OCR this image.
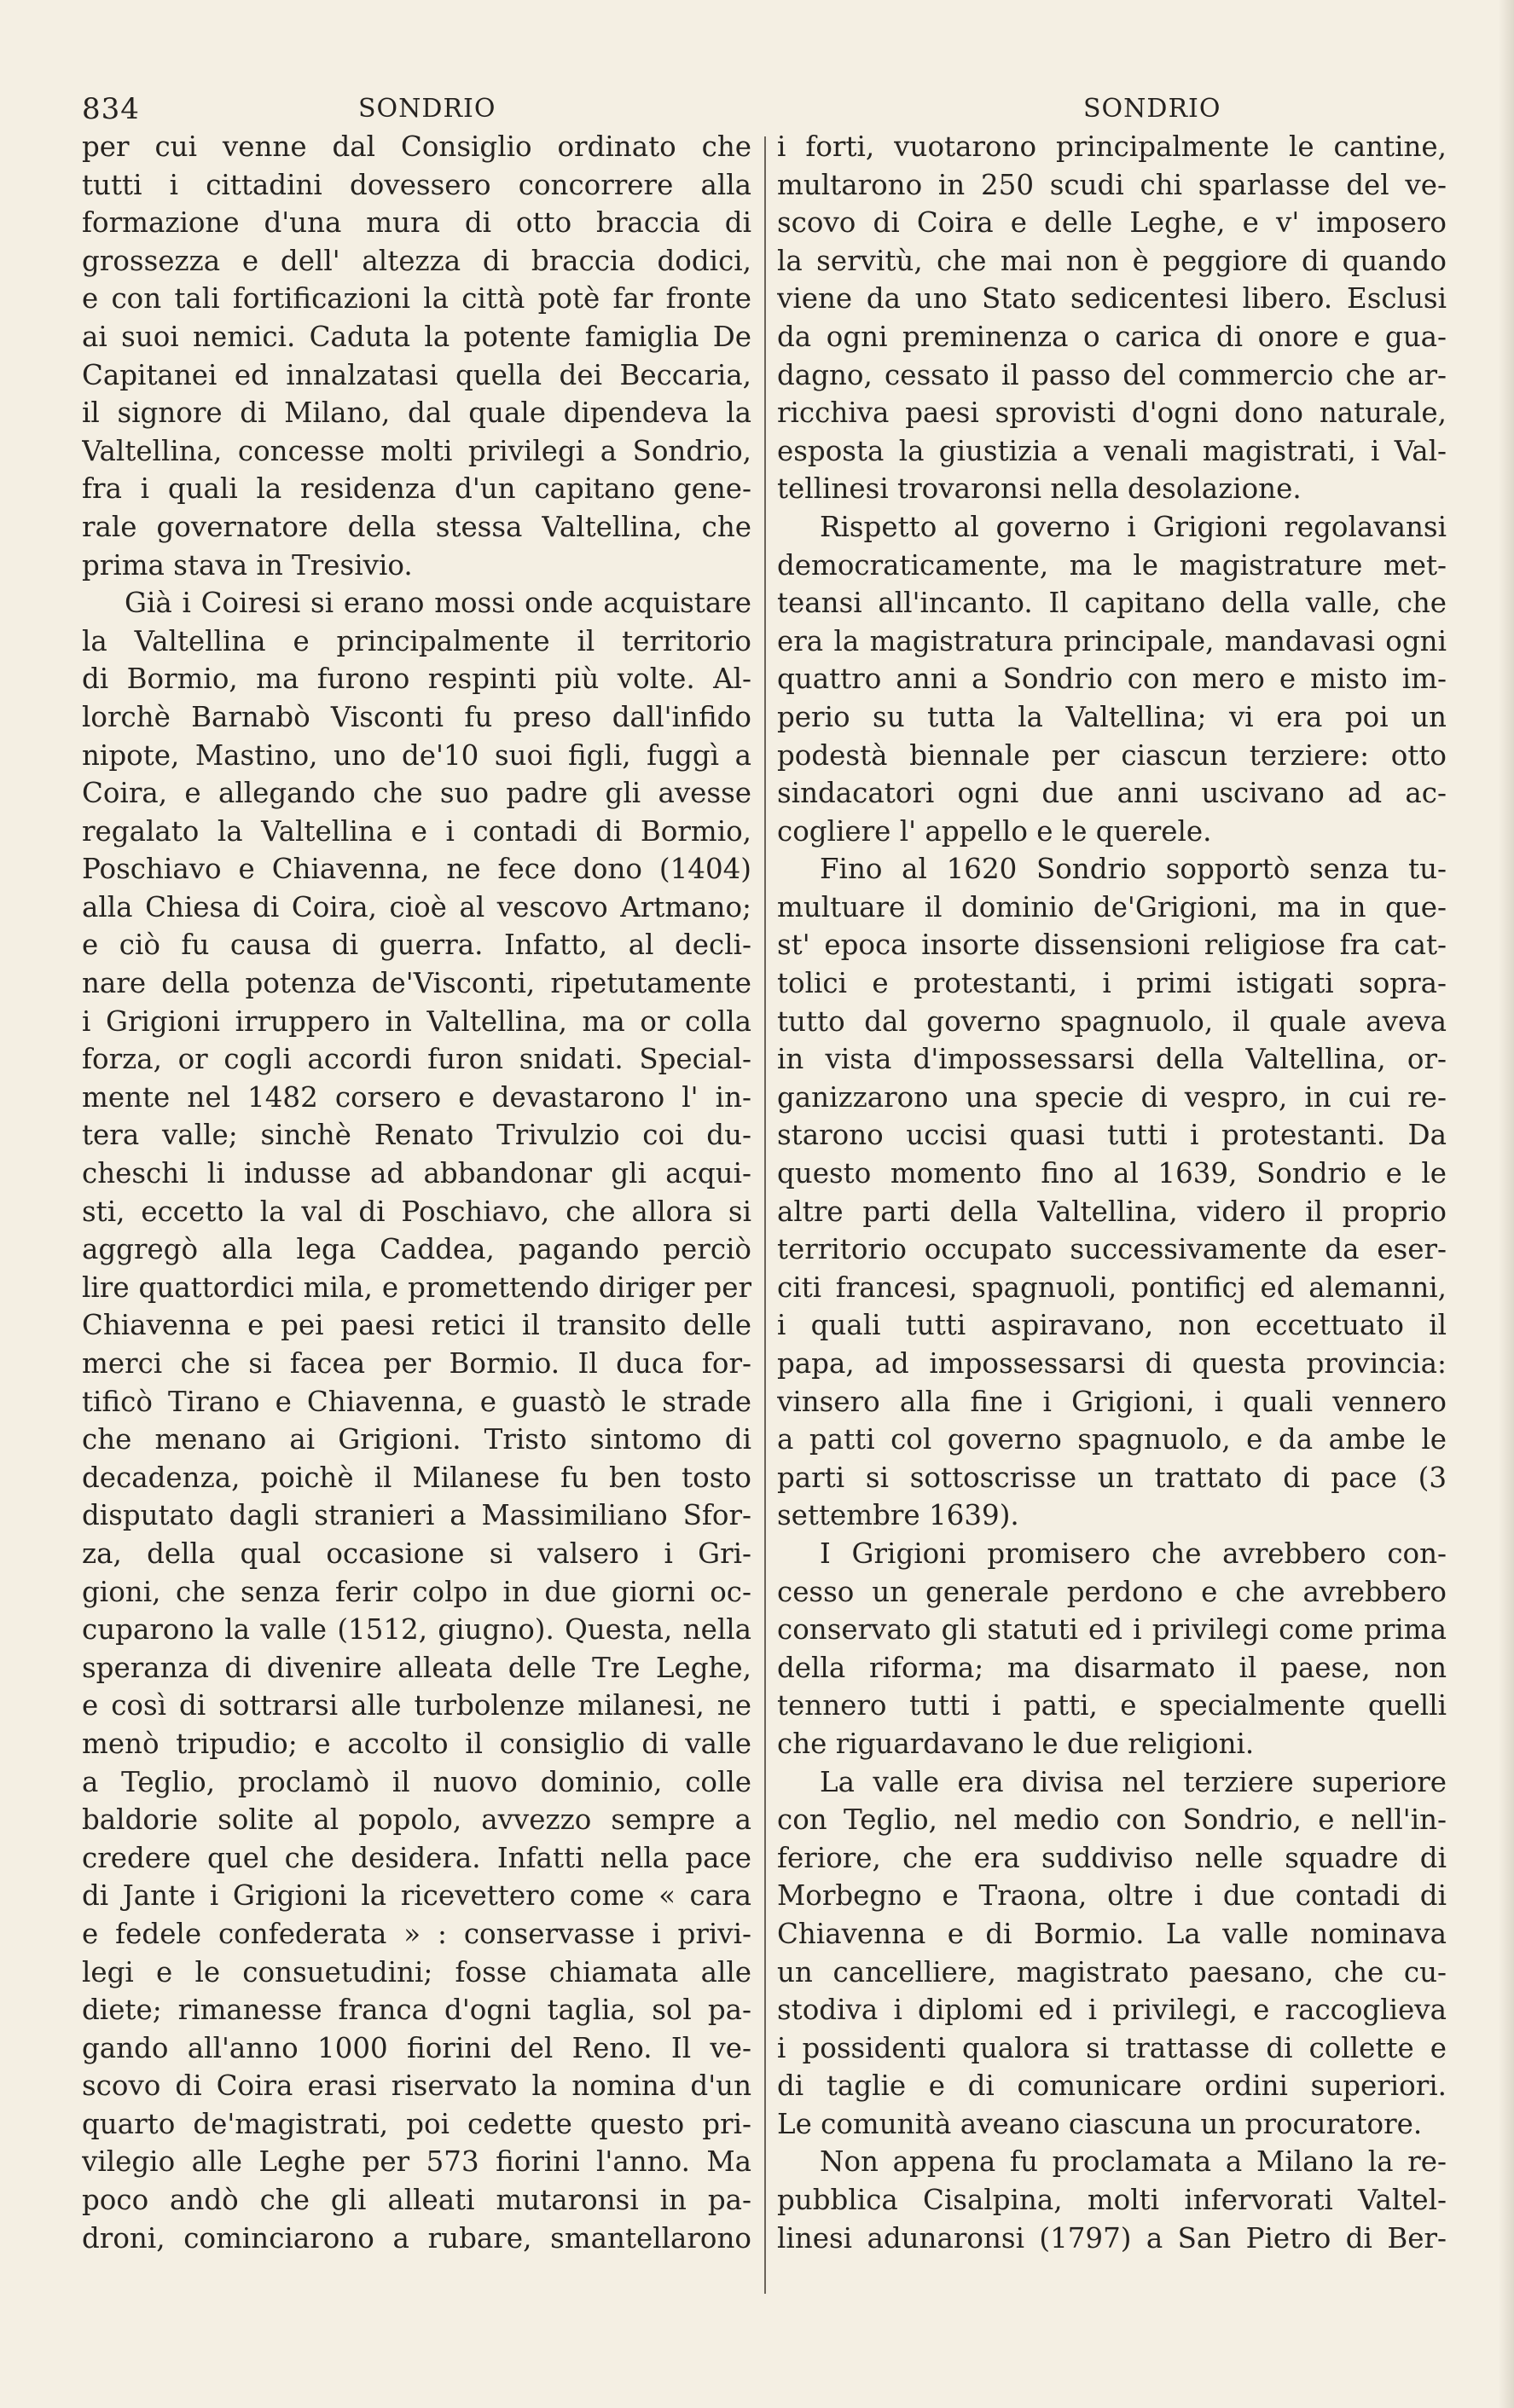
834	SONDRIO	SONDRIO
per cui venne dal Consiglio ordinato che
tutti i cittadini dovessero concorrere alla
formazione d'una mura di otto braccia di
grossezza e dell' altezza di braccia dodici,
e con tali fortificazioni la città potè far fronte
ai suoi nemici. Caduta la potente famiglia De
Capitanei ed innalzatasi quella dei Beccaria,
il signore di Milano, dal quale dipendeva la
Valtellina, concesse molti privilegi a Sondrio,
fra i quali la residenza d'un capitano gene-
rale governatore della stessa Valtellina, che
prima stava in Tresivio.
Già i Coiresi si erano mossi onde acquistare
la Valtellina e principalmente il territorio
di Bormio, ma furono respinti più volte. Al-
lorchè Barnabò Visconti fu preso dall'infido
nipote, Mastino, uno de'10 suoi figli, fuggì a
Coira, e allegando che suo padre gli avesse
regalato la Valtellina e i contadi di Bormio,
Poschiavo e Chiavenna, ne fece dono (1404)
alla Chiesa di Coira, cioè al vescovo Artmano;
e ciò fu causa di guerra. Infatto, al decli-
nare della potenza de'Visconti, ripetutamente
i Grigioni irruppero in Valtellina, ma or colla
forza, or cogli accordi furon snidati. Special-
mente nel 1482 corsero e devastarono l' in-
tera valle; sinchè Renato Trivulzio coi du-
cheschi li indusse ad abbandonar gli acqui-
sti, eccetto la val di Poschiavo, che allora si
aggregò alla lega Caddea, pagando perciò
lire quattordici mila, e promettendo diriger per
Chiavenna e pei paesi retici il transito delle
merci che si facea per Bormio. Il duca for-
tificò Tirano e Chiavenna, e guastò le strade
che menano ai Grigioni. Tristo sintomo di
decadenza, poichè il Milanese fu ben tosto
disputato dagli stranieri a Massimiliano Sfor-
za, della qual occasione si valsero i Gri-
gioni, che senza ferir colpo in due giorni oc-
cuparono la valle (1512, giugno). Questa, nella
speranza di divenire alleata delle Tre Leghe,
e così di sottrarsi alle turbolenze milanesi, ne
menò tripudio; e accolto il consiglio di valle
a Teglio, proclamò il nuovo dominio, colle
baldorie solite al popolo, avvezzo sempre a
credere quel che desidera. Infatti nella pace
di Jante i Grigioni la ricevettero come « cara
e fedele confederata » : conservasse i privi-
legi e le consuetudini; fosse chiamata alle
diete; rimanesse franca d'ogni taglia, sol pa-
gando all'anno 1000 fiorini del Reno. Il ve-
scovo di Coira erasi riservato la nomina d'un
quarto de'magistrati, poi cedette questo pri-
vilegio alle Leghe per 573 fiorini l'anno. Ma
poco andò che gli alleati mutaronsi in pa-
droni, cominciarono a rubare, smantellarono
i forti, vuotarono principalmente le cantine,
multarono in 250 scudi chi sparlasse del ve-
scovo di Coira e delle Leghe, e v' imposero
la servitù, che mai non è peggiore di quando
viene da uno Stato sedicentesi libero. Esclusi
da ogni preminenza o carica di onore e gua-
dagno, cessato il passo del commercio che ar-
ricchiva paesi sprovisti d'ogni dono naturale,
esposta la giustizia a venali magistrati, i Val-
tellinesi trovaronsi nella desolazione.
Rispetto al governo i Grigioni regolavansi
democraticamente, ma le magistrature met-
teansi all'incanto. Il capitano della valle, che
era la magistratura principale, mandavasi ogni
quattro anni a Sondrio con mero e misto im-
perio su tutta la Valtellina; vi era poi un
podestà biennale per ciascun terziere: otto
sindacatori ogni due anni uscivano ad ac-
cogliere l' appello e le querele.
Fino al 1620 Sondrio sopportò senza tu-
multuare il dominio de'Grigioni, ma in que-
st' epoca insorte dissensioni religiose fra cat-
tolici e protestanti, i primi istigati sopra-
tutto dal governo spagnuolo, il quale aveva
in vista d'impossessarsi della Valtellina, or-
ganizzarono una specie di vespro, in cui re-
starono uccisi quasi tutti i protestanti. Da
questo momento fino al 1639, Sondrio e le
altre parti della Valtellina, videro il proprio
territorio occupato successivamente da eser-
citi francesi, spagnuoli, pontificj ed alemanni,
i quali tutti aspiravano, non eccettuato il
papa, ad impossessarsi di questa provincia:
vinsero alla fine i Grigioni, i quali vennero
a patti col governo spagnuolo, e da ambe le
parti si sottoscrisse un trattato di pace (3
settembre 1639).
I Grigioni promisero che avrebbero con-
cesso un generale perdono e che avrebbero
conservato gli statuti ed i privilegi come prima
della riforma; ma disarmato il paese, non
tennero tutti i patti, e specialmente quelli
che riguardavano le due religioni.
La valle era divisa nel terziere superiore
con Teglio, nel medio con Sondrio, e nell'in-
feriore, che era suddiviso nelle squadre di
Morbegno e Traona, oltre i due contadi di
Chiavenna e di Bormio. La valle nominava
un cancelliere, magistrato paesano, che cu-
stodiva i diplomi ed i privilegi, e raccoglieva
i possidenti qualora si trattasse di collette e
di taglie e di comunicare ordini superiori.
Le comunità aveano ciascuna un procuratore.
Non appena fu proclamata a Milano la re-
pubblica Cisalpina, molti infervorati Valtel-
linesi adunaronsi (1797) a San Pietro di Ber-
